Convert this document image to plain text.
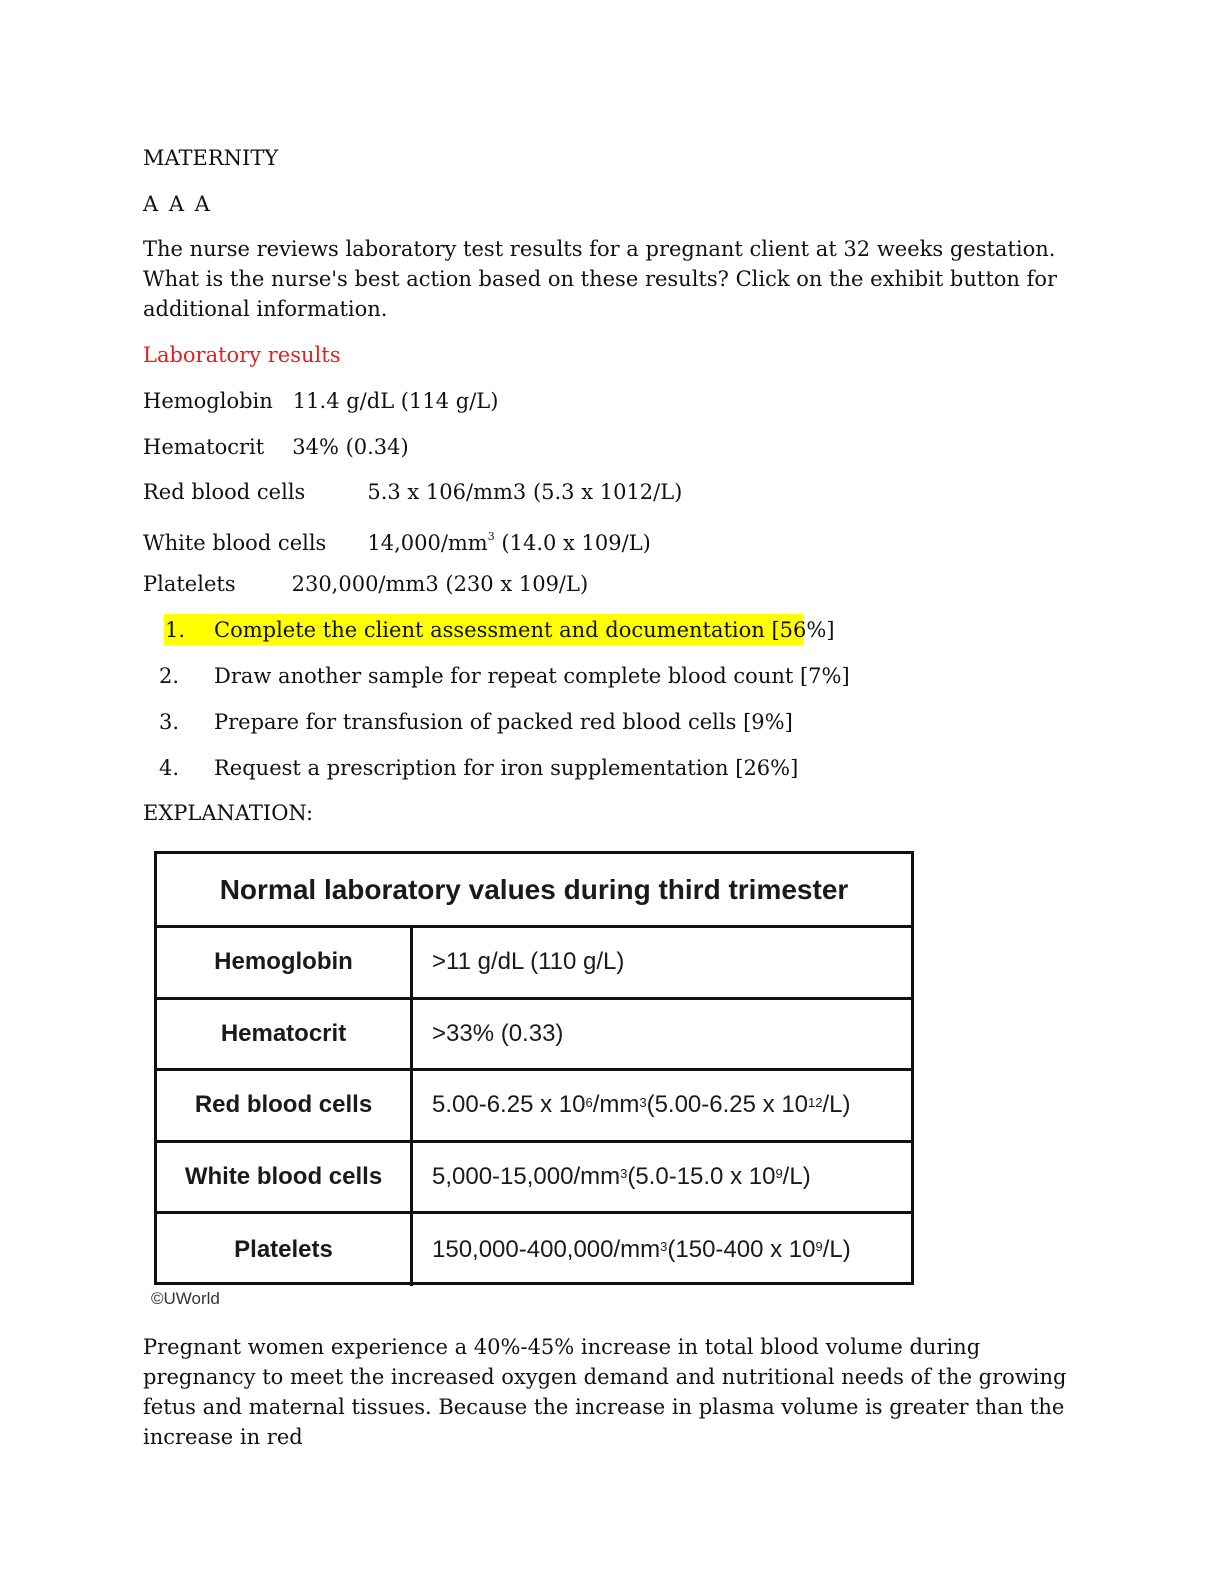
MATERNITY
A A A
The nurse reviews laboratory test results for a pregnant client at 32 weeks gestation. What is the nurse's best action based on these results? Click on the exhibit button for additional information.
Laboratory results
Hemoglobin 11.4 g/dL (114 g/L)
Hematocrit 34% (0.34)
Red blood cells	5.3 x 106/mm3 (5.3 x 1012/L)
White blood cells $14,000/mm^3$ (14.0 x 109/L)
Platelets	230,000/mm3 (230 x 109/L)
1. Complete the client assessment and documentation [56%]
2. Draw another sample for repeat complete blood count [7%]
3. Prepare for transfusion of packed red blood cells [9%]
4. Request a prescription for iron supplementation [26%]
EXPLANATION:
Normal laboratory values during third trimester
Hemoglobin	>11 g/dL (110 g/L)
Hematocrit	>33% (0.33)
Red blood cells	5.00-6.25 x $10^6$ $/mm^3$ (5.00-6.25 x $10^{12}$ /L)
White blood cells	$5,000-15,000/mm^3$ (5.0-15.0 x $10^9$ /L)
Platelets	$150,000-400,000/mm^3$ (150-400 x $10^9$ /L)
©UWorld
Pregnant women experience a 40%-45% increase in total blood volume during pregnancy to meet the increased oxygen demand and nutritional needs of the growing fetus and maternal tissues. Because the increase in plasma volume is greater than the increase in red
